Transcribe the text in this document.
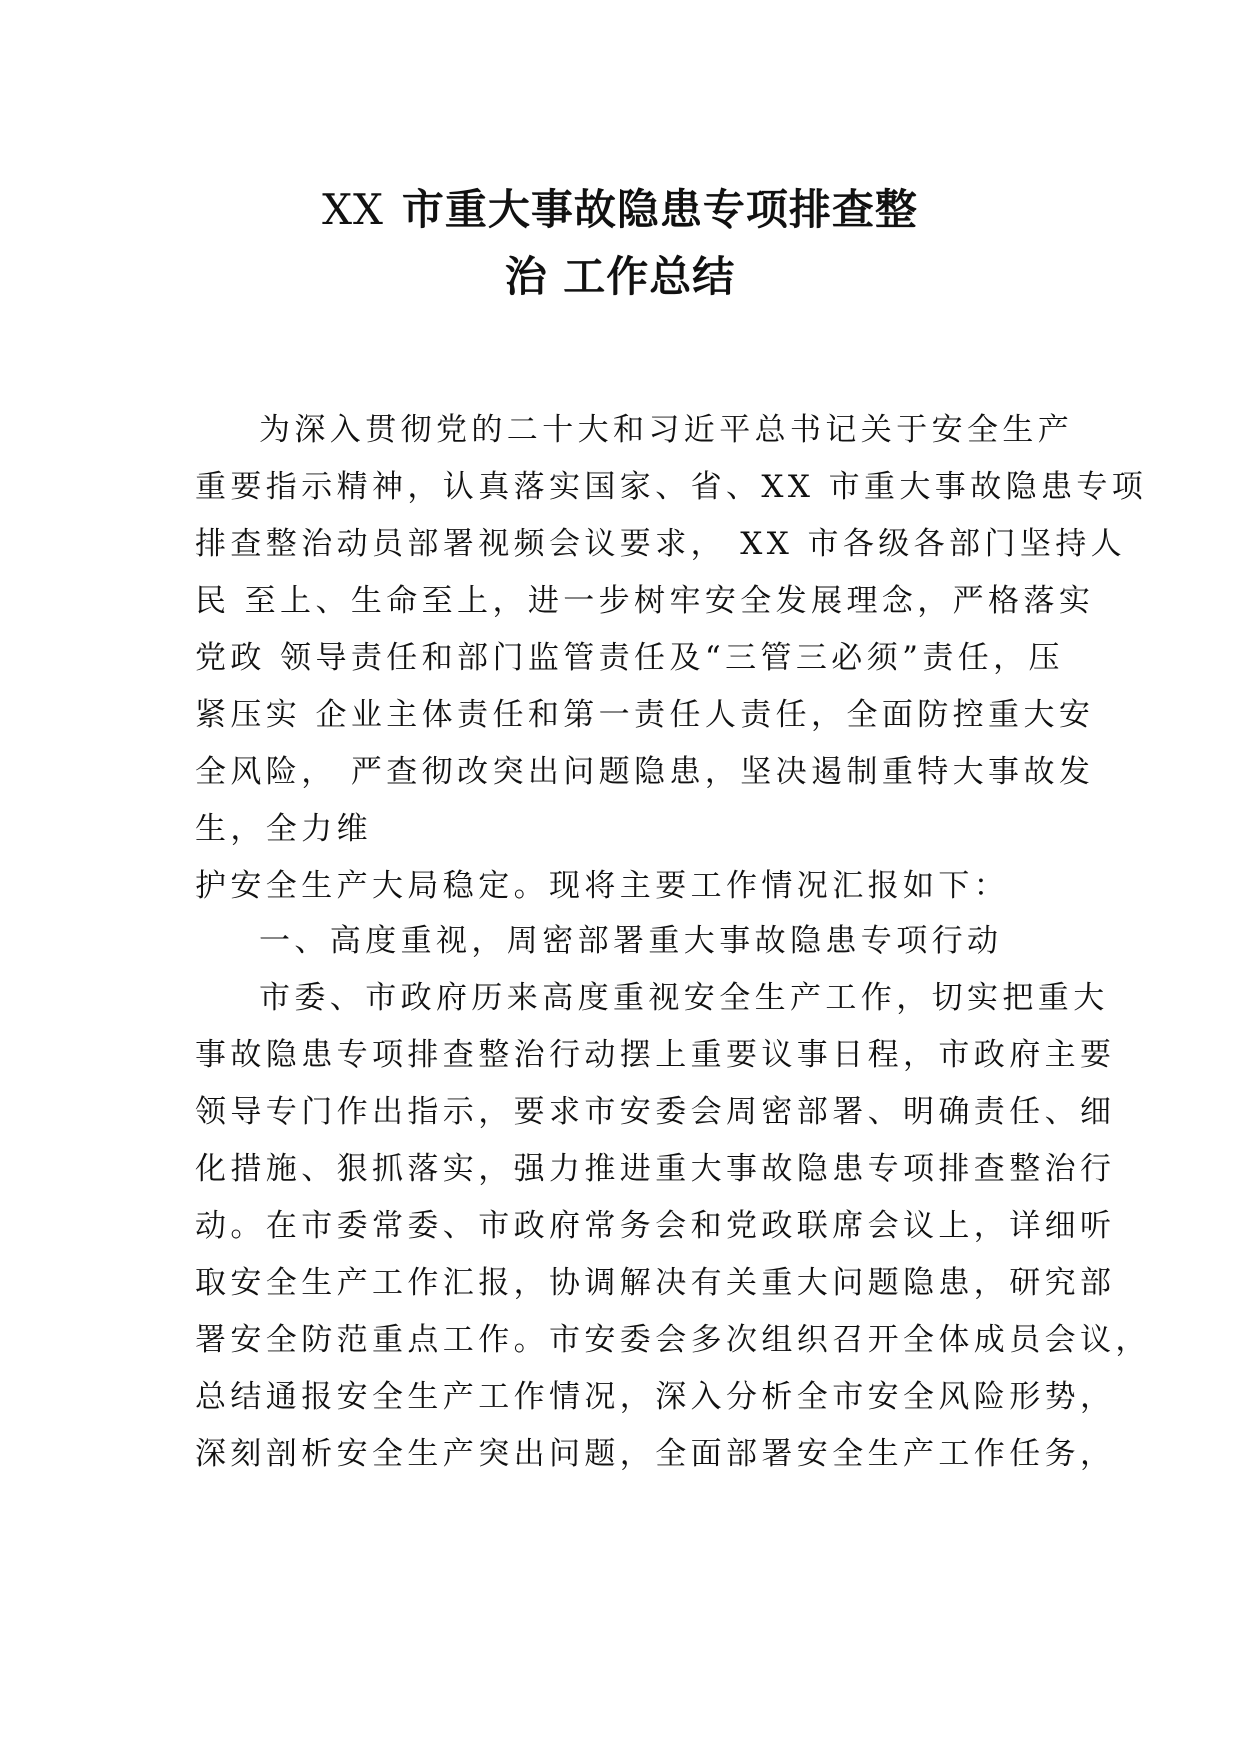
XX 市重大事故隐患专项排查整
治 工作总结
为深入贯彻党的二十大和习近平总书记关于安全生产
重要指示精神，认真落实国家、省、XX 市重大事故隐患专项
排查整治动员部署视频会议要求， XX 市各级各部门坚持人
民 至上、生命至上，进一步树牢安全发展理念，严格落实
党政 领导责任和部门监管责任及“三管三必须”责任，压
紧压实 企业主体责任和第一责任人责任，全面防控重大安
全风险， 严查彻改突出问题隐患，坚决遏制重特大事故发
生，全力维
护安全生产大局稳定。现将主要工作情况汇报如下：
一、高度重视，周密部署重大事故隐患专项行动
市委、市政府历来高度重视安全生产工作，切实把重大
事故隐患专项排查整治行动摆上重要议事日程，市政府主要
领导专门作出指示，要求市安委会周密部署、明确责任、细
化措施、狠抓落实，强力推进重大事故隐患专项排查整治行
动。在市委常委、市政府常务会和党政联席会议上，详细听
取安全生产工作汇报，协调解决有关重大问题隐患，研究部
署安全防范重点工作。市安委会多次组织召开全体成员会议，
总结通报安全生产工作情况，深入分析全市安全风险形势，
深刻剖析安全生产突出问题，全面部署安全生产工作任务，
